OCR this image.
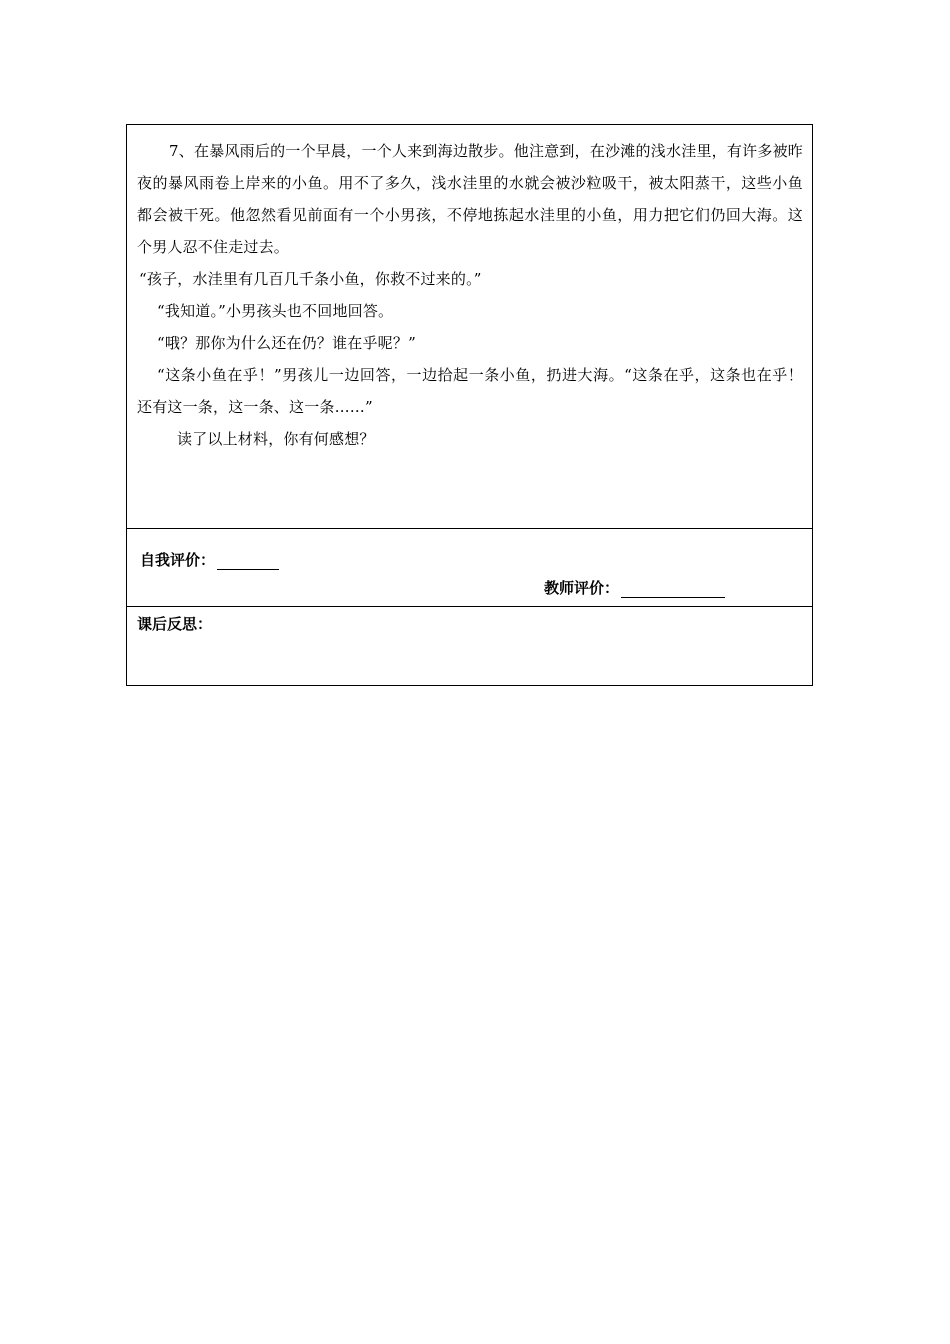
7、在暴风雨后的一个早晨，一个人来到海边散步。他注意到，在沙滩的浅水洼里，有许多被昨夜的暴风雨卷上岸来的小鱼。用不了多久，浅水洼里的水就会被沙粒吸干，被太阳蒸干，这些小鱼都会被干死。他忽然看见前面有一个小男孩，不停地拣起水洼里的小鱼，用力把它们仍回大海。这个男人忍不住走过去。

“孩子，水洼里有几百几千条小鱼，你救不过来的。”

“我知道。”小男孩头也不回地回答。

“哦？那你为什么还在仍？谁在乎呢？”

“这条小鱼在乎！”男孩儿一边回答，一边拾起一条小鱼，扔进大海。“这条在乎，这条也在乎！还有这一条，这一条、这一条……”

读了以上材料，你有何感想？

自我评价：
教师评价：
课后反思：
